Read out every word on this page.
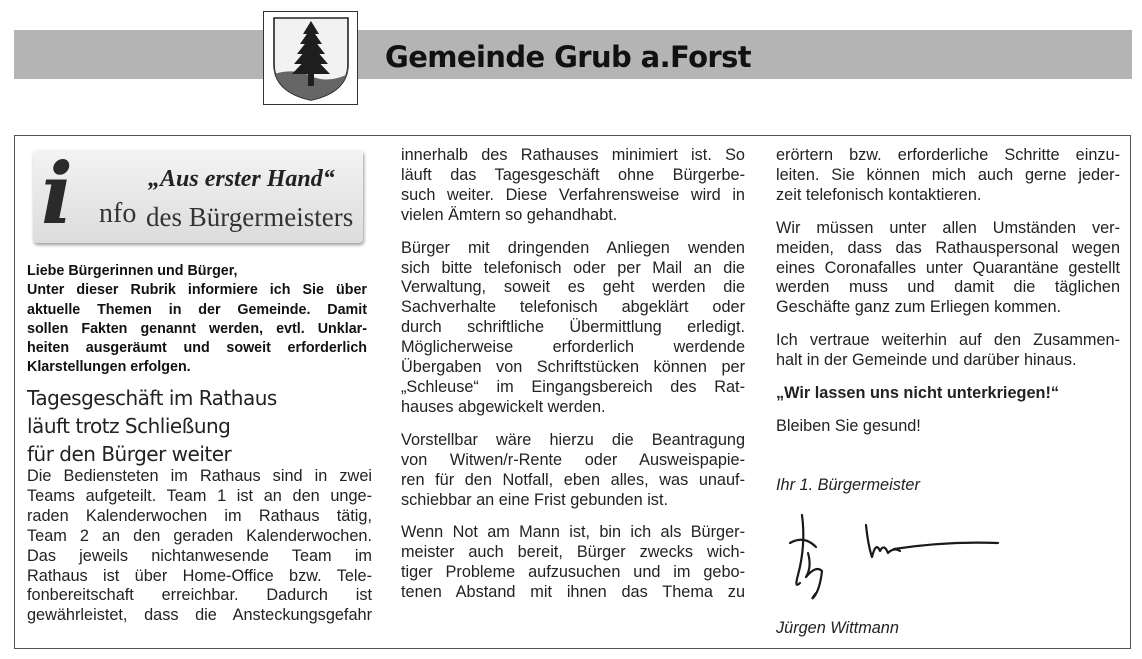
Gemeinde Grub a.Forst
i nfo
„Aus erster Hand“
des Bürgermeisters

Liebe Bürgerinnen und Bürger,

Unter dieser Rubrik informiere ich Sie über

aktuelle Themen in der Gemeinde. Damit

sollen Fakten genannt werden, evtl. Unklar-

heiten ausgeräumt und soweit erforderlich

Klarstellungen erfolgen.

Tagesgeschäft im Rathaus
läuft trotz Schließung
für den Bürger weiter

Die Bediensteten im Rathaus sind in zwei

Teams aufgeteilt. Team 1 ist an den unge-

raden Kalenderwochen im Rathaus tätig,

Team 2 an den geraden Kalenderwochen.

Das jeweils nichtanwesende Team im

Rathaus ist über Home-Office bzw. Tele-

fonbereitschaft erreichbar. Dadurch ist

gewährleistet, dass die Ansteckungsgefahr

innerhalb des Rathauses minimiert ist. So

läuft das Tagesgeschäft ohne Bürgerbe-

such weiter. Diese Verfahrensweise wird in

vielen Ämtern so gehandhabt.

Bürger mit dringenden Anliegen wenden

sich bitte telefonisch oder per Mail an die

Verwaltung, soweit es geht werden die

Sachverhalte telefonisch abgeklärt oder

durch schriftliche Übermittlung erledigt.

Möglicherweise erforderlich werdende

Übergaben von Schriftstücken können per

„Schleuse“ im Eingangsbereich des Rat-

hauses abgewickelt werden.

Vorstellbar wäre hierzu die Beantragung

von Witwen/r-Rente oder Ausweispapie-

ren für den Notfall, eben alles, was unauf-

schiebbar an eine Frist gebunden ist.

Wenn Not am Mann ist, bin ich als Bürger-

meister auch bereit, Bürger zwecks wich-

tiger Probleme aufzusuchen und im gebo-

tenen Abstand mit ihnen das Thema zu

erörtern bzw. erforderliche Schritte einzu-

leiten. Sie können mich auch gerne jeder-

zeit telefonisch kontaktieren.

Wir müssen unter allen Umständen ver-

meiden, dass das Rathauspersonal wegen

eines Coronafalles unter Quarantäne gestellt

werden muss und damit die täglichen

Geschäfte ganz zum Erliegen kommen.

Ich vertraue weiterhin auf den Zusammen-

halt in der Gemeinde und darüber hinaus.

„Wir lassen uns nicht unterkriegen!“

Bleiben Sie gesund!

Ihr 1. Bürgermeister
Jürgen Wittmann
